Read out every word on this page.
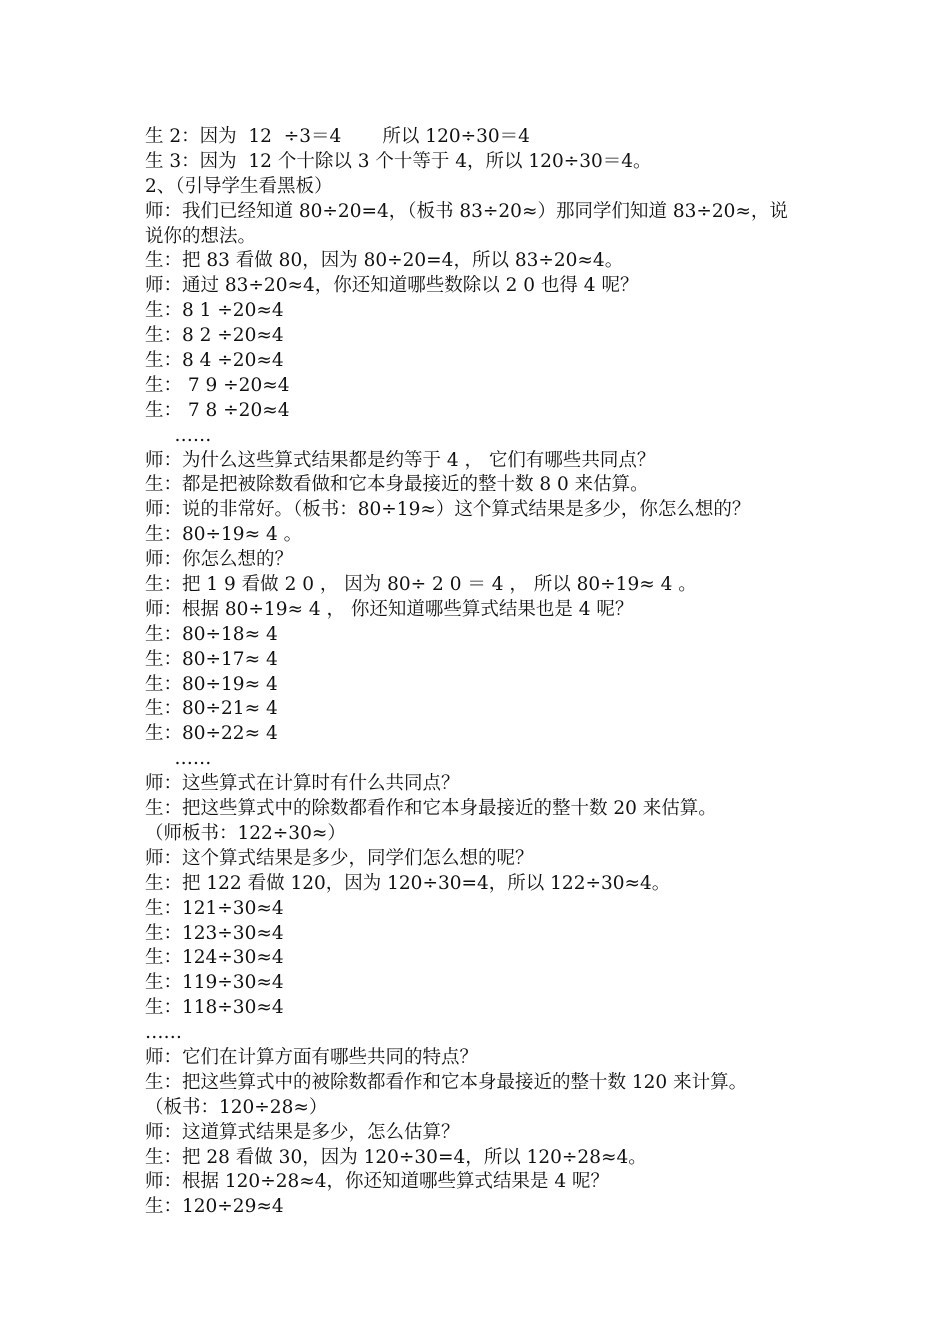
生 2：因为  12  ÷3＝4       所以 120÷30＝4
生 3：因为  12 个十除以 3 个十等于 4，所以 120÷30＝4。
2、（引导学生看黑板）
师：我们已经知道 80÷20=4，（板书 83÷20≈）那同学们知道 83÷20≈，说
说你的想法。
生：把 83 看做 80，因为 80÷20=4，所以 83÷20≈4。
师：通过 83÷20≈4，你还知道哪些数除以 2 0 也得 4 呢？
生：8 1 ÷20≈4
生：8 2 ÷20≈4
生：8 4 ÷20≈4
生： 7 9 ÷20≈4
生： 7 8 ÷20≈4
……
师：为什么这些算式结果都是约等于 4 ， 它们有哪些共同点？
生：都是把被除数看做和它本身最接近的整十数 8 0 来估算。
师：说的非常好。（板书：80÷19≈）这个算式结果是多少，你怎么想的？
生：80÷19≈ 4 。
师：你怎么想的？
生：把 1 9 看做 2 0 ， 因为 80÷ 2 0 ＝ 4 ， 所以 80÷19≈ 4 。
师：根据 80÷19≈ 4 ， 你还知道哪些算式结果也是 4 呢？
生：80÷18≈ 4
生：80÷17≈ 4
生：80÷19≈ 4
生：80÷21≈ 4
生：80÷22≈ 4
……
师：这些算式在计算时有什么共同点？
生：把这些算式中的除数都看作和它本身最接近的整十数 20 来估算。
（师板书：122÷30≈）
师：这个算式结果是多少，同学们怎么想的呢？
生：把 122 看做 120，因为 120÷30=4，所以 122÷30≈4。
生：121÷30≈4
生：123÷30≈4
生：124÷30≈4
生：119÷30≈4
生：118÷30≈4
……
师：它们在计算方面有哪些共同的特点？
生：把这些算式中的被除数都看作和它本身最接近的整十数 120 来计算。
（板书：120÷28≈）
师：这道算式结果是多少，怎么估算？
生：把 28 看做 30，因为 120÷30=4，所以 120÷28≈4。
师：根据 120÷28≈4，你还知道哪些算式结果是 4 呢？
生：120÷29≈4
